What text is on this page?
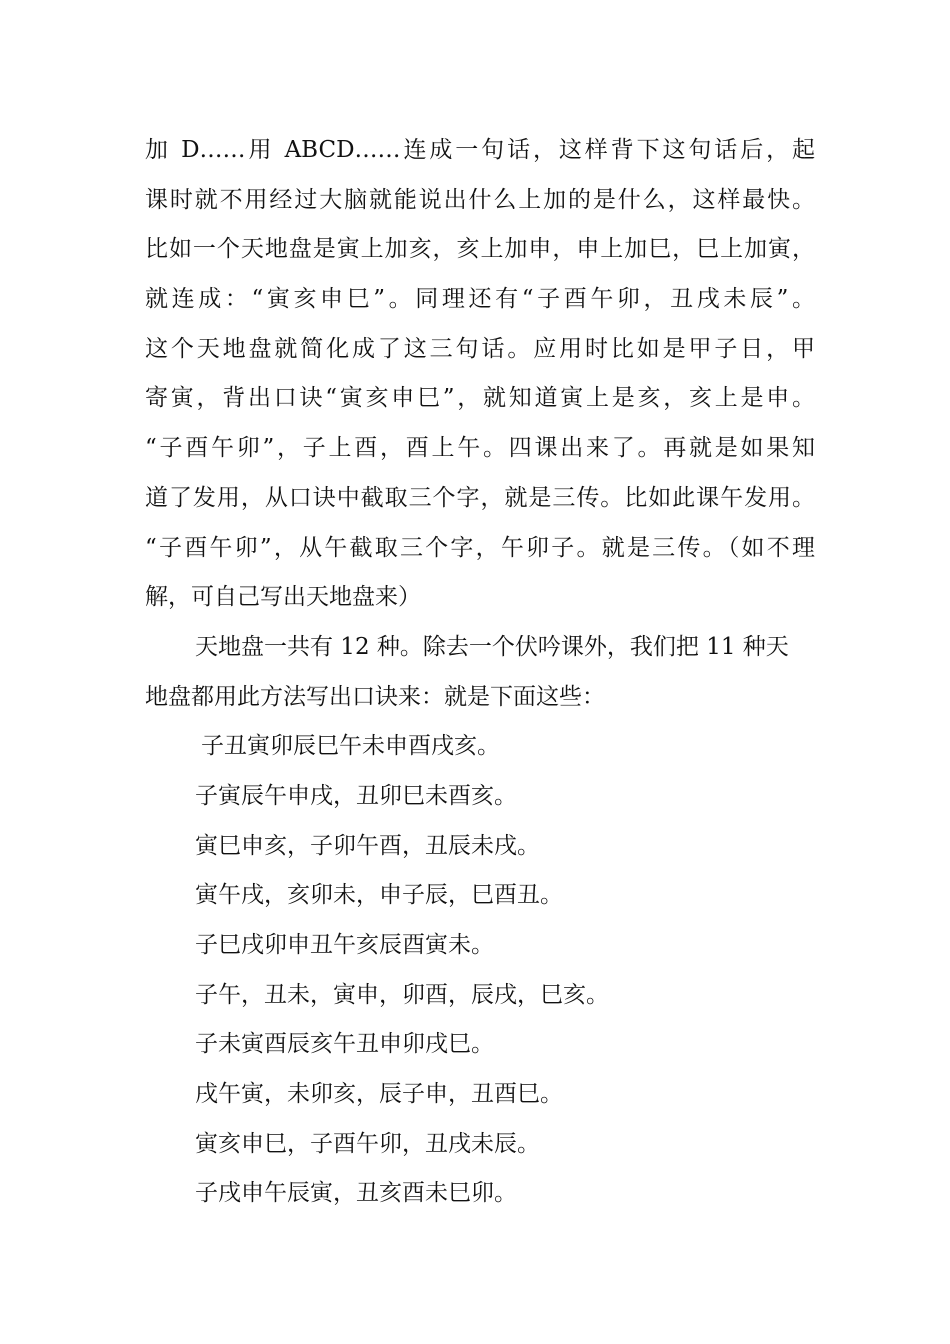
加 D……用 ABCD……连成一句话，这样背下这句话后，起
课时就不用经过大脑就能说出什么上加的是什么，这样最快。
比如一个天地盘是寅上加亥，亥上加申，申上加巳，巳上加寅，
就连成：“寅亥申巳”。同理还有“子酉午卯，丑戌未辰”。
这个天地盘就简化成了这三句话。应用时比如是甲子日，甲
寄寅，背出口诀“寅亥申巳”，就知道寅上是亥，亥上是申。
“子酉午卯”，子上酉，酉上午。四课出来了。再就是如果知
道了发用，从口诀中截取三个字，就是三传。比如此课午发用。
“子酉午卯”，从午截取三个字，午卯子。就是三传。（如不理
解，可自己写出天地盘来）
天地盘一共有 12 种。除去一个伏吟课外，我们把 11 种天
地盘都用此方法写出口诀来：就是下面这些：
子丑寅卯辰巳午未申酉戌亥。
子寅辰午申戌，丑卯巳未酉亥。
寅巳申亥，子卯午酉，丑辰未戌。
寅午戌，亥卯未，申子辰，巳酉丑。
子巳戌卯申丑午亥辰酉寅未。
子午，丑未，寅申，卯酉，辰戌，巳亥。
子未寅酉辰亥午丑申卯戌巳。
戌午寅，未卯亥，辰子申，丑酉巳。
寅亥申巳，子酉午卯，丑戌未辰。
子戌申午辰寅，丑亥酉未巳卯。
